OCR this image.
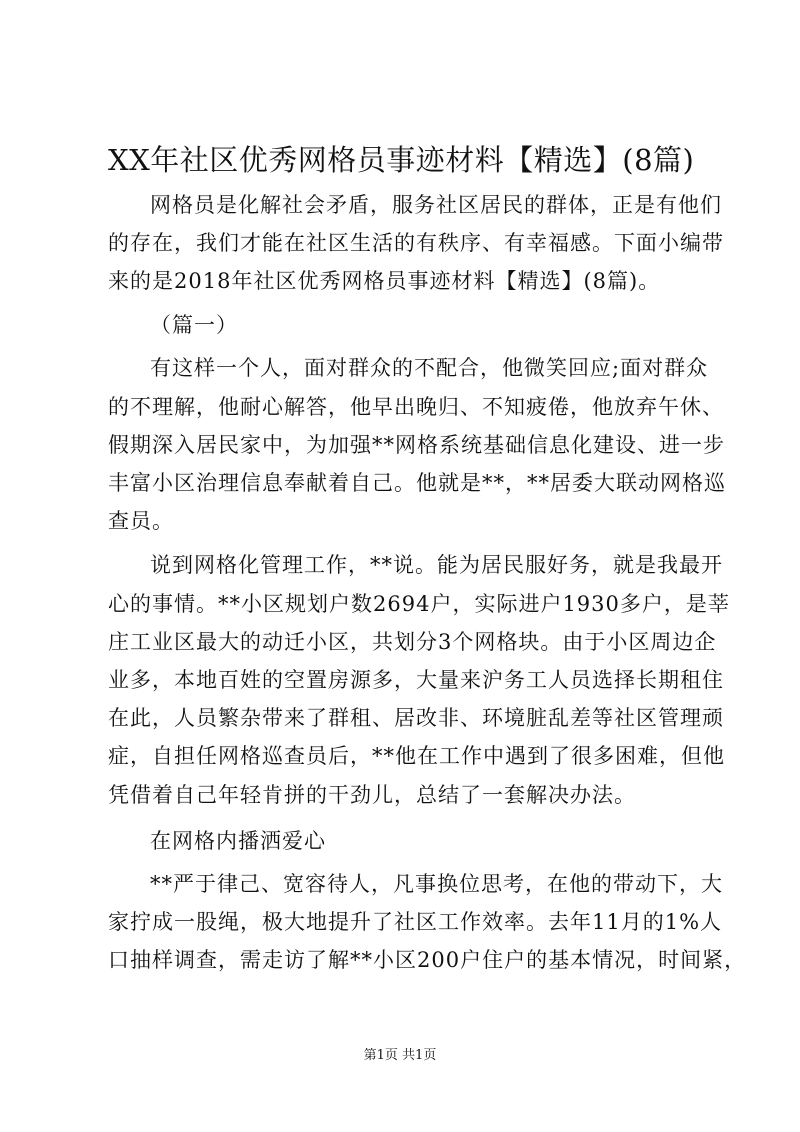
XX年社区优秀网格员事迹材料【精选】(8篇)
网格员是化解社会矛盾，服务社区居民的群体，正是有他们
的存在，我们才能在社区生活的有秩序、有幸福感。下面小编带
来的是2018年社区优秀网格员事迹材料【精选】(8篇)。
（篇一）
有这样一个人，面对群众的不配合，他微笑回应;面对群众
的不理解，他耐心解答，他早出晚归、不知疲倦，他放弃午休、
假期深入居民家中，为加强**网格系统基础信息化建设、进一步
丰富小区治理信息奉献着自己。他就是**，**居委大联动网格巡
查员。
说到网格化管理工作，**说。能为居民服好务，就是我最开
心的事情。**小区规划户数2694户，实际进户1930多户，是莘
庄工业区最大的动迁小区，共划分3个网格块。由于小区周边企
业多，本地百姓的空置房源多，大量来沪务工人员选择长期租住
在此，人员繁杂带来了群租、居改非、环境脏乱差等社区管理顽
症，自担任网格巡查员后，**他在工作中遇到了很多困难，但他
凭借着自己年轻肯拼的干劲儿，总结了一套解决办法。
在网格内播洒爱心
**严于律己、宽容待人，凡事换位思考，在他的带动下，大
家拧成一股绳，极大地提升了社区工作效率。去年11月的1%人
口抽样调查，需走访了解**小区200户住户的基本情况，时间紧，
第1页 共1页
